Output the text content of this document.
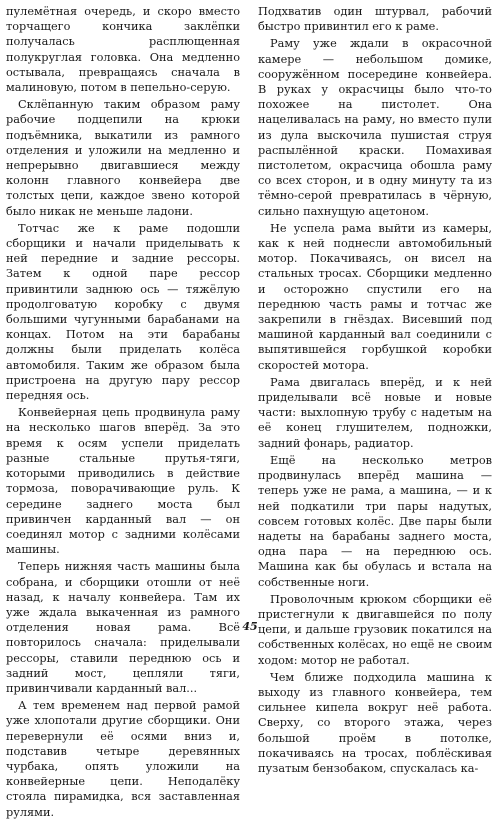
пулемётная очередь, и скоро вместо торчащего кончика заклёпки получалась расплющенная полукруглая головка. Она медленно остывала, превращаясь сначала в малиновую, потом в пепельно-серую.

Склёпанную таким образом раму рабочие подцепили на крюки подъёмника, выкатили из рамного отделения и уложили на медленно и непрерывно двигавшиеся между колонн главного конвейера две толстых цепи, каждое звено которой было никак не меньше ладони.

Тотчас же к раме подошли сборщики и начали приделывать к ней передние и задние рессоры. Затем к одной паре рессор привинтили заднюю ось — тяжёлую продолговатую коробку с двумя большими чугунными барабанами на концах. Потом на эти барабаны должны были приделать колёса автомобиля. Таким же образом была пристроена на другую пару рессор передняя ось.

Конвейерная цепь продвинула раму на несколько шагов вперёд. За это время к осям успели приделать разные стальные прутья-тяги, которыми приводились в действие тормоза, поворачивающие руль. К середине заднего моста был привинчен карданный вал — он соединял мотор с задними колёсами машины.

Теперь нижняя часть машины была собрана, и сборщики отошли от неё назад, к началу конвейера. Там их уже ждала выкаченная из рамного отделения новая рама. Всё повторилось сначала: приделывали рессоры, ставили переднюю ось и задний мост, цепляли тяги, привинчивали карданный вал...

А тем временем над первой рамой уже хлопотали другие сборщики. Они перевернули её осями вниз и, подставив четыре деревянных чурбака, опять уложили на конвейерные цепи. Неподалёку стояла пирамидка, вся заставленная рулями.

Подхватив один штурвал, рабочий быстро привинтил его к раме.

Раму уже ждали в окрасочной камере — небольшом домике, сооружённом посередине конвейера. В руках у окрасчицы было что-то похожее на пистолет. Она нацеливалась на раму, но вместо пули из дула выскочила пушистая струя распылённой краски. Помахивая пистолетом, окрасчица обошла раму со всех сторон, и в одну минуту та из тёмно-серой превратилась в чёрную, сильно пахнущую ацетоном.

Не успела рама выйти из камеры, как к ней поднесли автомобильный мотор. Покачиваясь, он висел на стальных тросах. Сборщики медленно и осторожно спустили его на переднюю часть рамы и тотчас же закрепили в гнёздах. Висевший под машиной карданный вал соединили с выпятившейся горбушкой коробки скоростей мотора.

Рама двигалась вперёд, и к ней приделывали всё новые и новые части: выхлопную трубу с надетым на её конец глушителем, подножки, задний фонарь, радиатор.

Ещё на несколько метров продвинулась вперёд машина — теперь уже не рама, а машина, — и к ней подкатили три пары надутых, совсем готовых колёс. Две пары были надеты на барабаны заднего моста, одна пара — на переднюю ось. Машина как бы обулась и встала на собственные ноги.

Проволочным крюком сборщики её пристегнули к двигавшейся по полу цепи, и дальше грузовик покатился на собственных колёсах, но ещё не своим ходом: мотор не работал.

Чем ближе подходила машина к выходу из главного конвейера, тем сильнее кипела вокруг неё работа. Сверху, со второго этажа, через большой проём в потолке, покачиваясь на тросах, поблёскивая пузатым бензобаком, спускалась ка-

45
